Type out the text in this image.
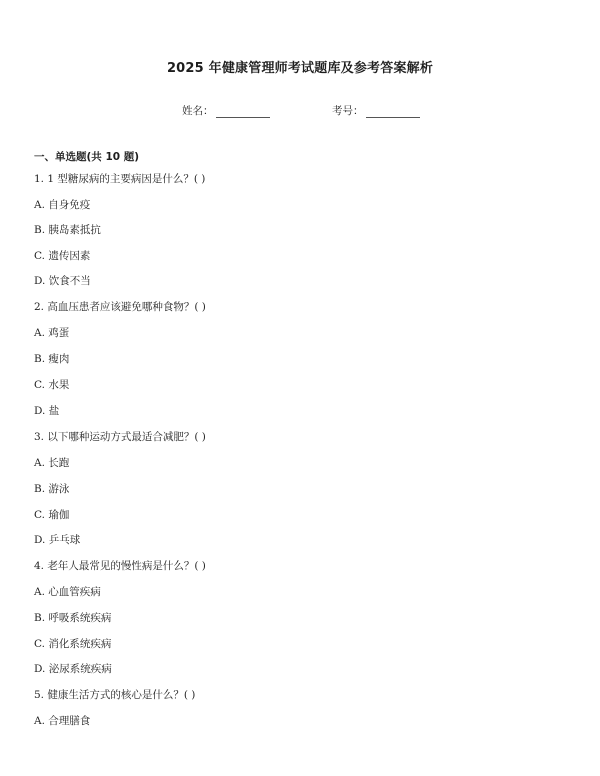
2025 年健康管理师考试题库及参考答案解析
姓名：	考号：
一、单选题(共 10 题)
1. 1 型糖尿病的主要病因是什么？( )
A. 自身免疫
B. 胰岛素抵抗
C. 遗传因素
D. 饮食不当
2. 高血压患者应该避免哪种食物？( )
A. 鸡蛋
B. 瘦肉
C. 水果
D. 盐
3. 以下哪种运动方式最适合减肥？( )
A. 长跑
B. 游泳
C. 瑜伽
D. 乒乓球
4. 老年人最常见的慢性病是什么？( )
A. 心血管疾病
B. 呼吸系统疾病
C. 消化系统疾病
D. 泌尿系统疾病
5. 健康生活方式的核心是什么？( )
A. 合理膳食
